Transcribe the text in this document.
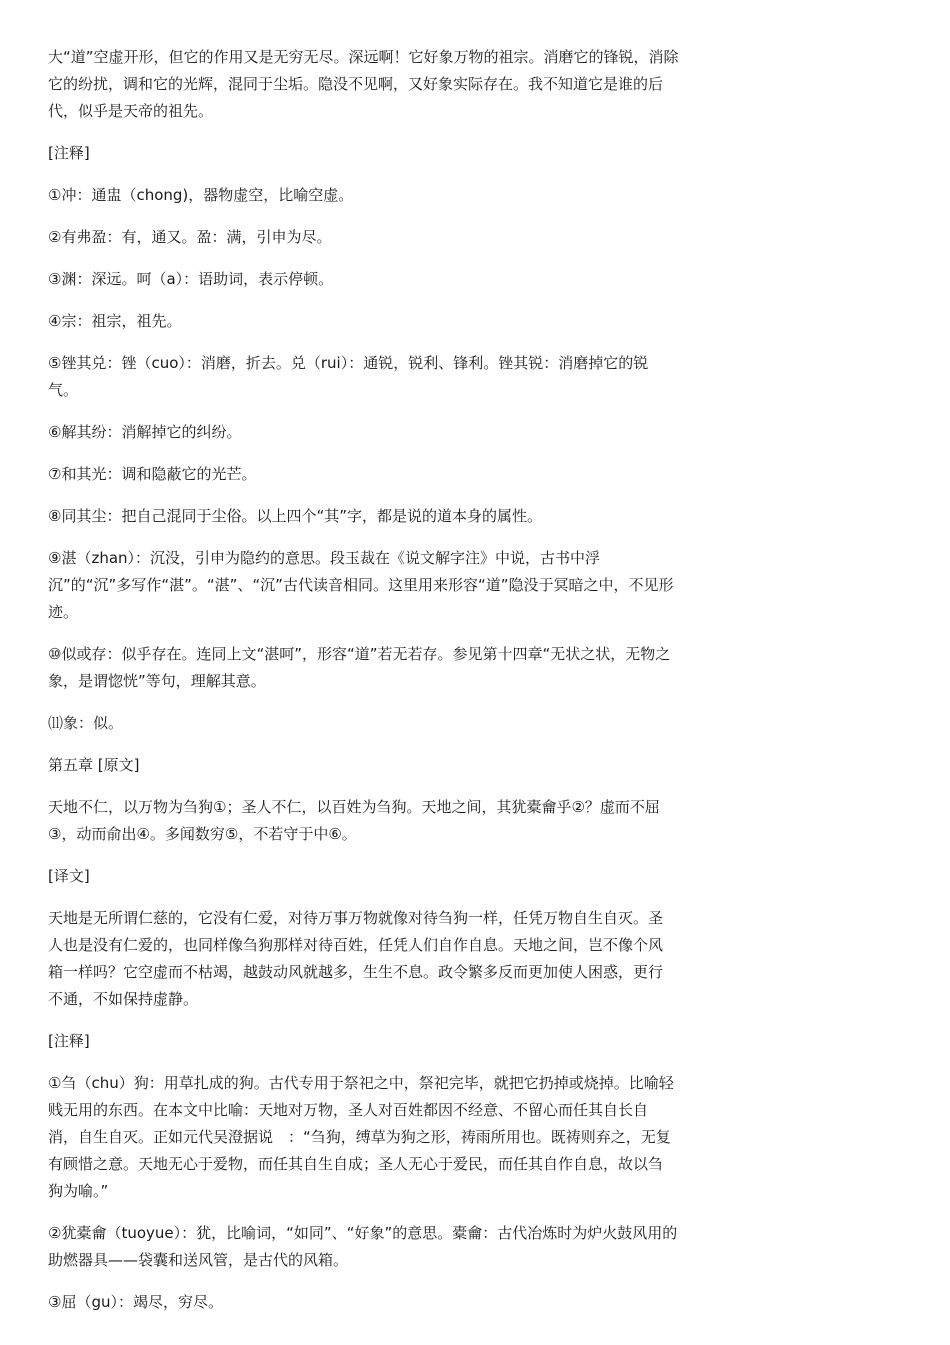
大“道”空虚开形，但它的作用又是无穷无尽。深远啊！它好象万物的祖宗。消磨它的锋锐，消除
它的纷扰，调和它的光辉，混同于尘垢。隐没不见啊，又好象实际存在。我不知道它是谁的后
代，似乎是天帝的祖先。

[注释]

①冲：通盅（chong)，器物虚空，比喻空虚。

②有弗盈：有，通又。盈：满，引申为尽。

③渊：深远。呵（a）：语助词，表示停顿。

④宗：祖宗，祖先。

⑤锉其兑：锉（cuo）：消磨，折去。兑（rui）：通锐，锐利、锋利。锉其锐：消磨掉它的锐
气。

⑥解其纷：消解掉它的纠纷。

⑦和其光：调和隐蔽它的光芒。

⑧同其尘：把自己混同于尘俗。以上四个“其”字，都是说的道本身的属性。

⑨湛（zhan）：沉没，引申为隐约的意思。段玉裁在《说文解字注》中说，古书中浮
沉”的“沉”多写作“湛”。“湛”、“沉”古代读音相同。这里用来形容“道”隐没于冥暗之中，不见形迹。

⑩似或存：似乎存在。连同上文“湛呵”，形容“道”若无若存。参见第十四章“无状之状，无物之
象，是谓惚恍”等句，理解其意。

⑾象：似。

第五章 [原文]

天地不仁，以万物为刍狗①；圣人不仁，以百姓为刍狗。天地之间，其犹橐龠乎②？虚而不屈
③，动而俞出④。多闻数穷⑤，不若守于中⑥。

[译文]

天地是无所谓仁慈的，它没有仁爱，对待万事万物就像对待刍狗一样，任凭万物自生自灭。圣
人也是没有仁爱的，也同样像刍狗那样对待百姓，任凭人们自作自息。天地之间，岂不像个风
箱一样吗？它空虚而不枯竭，越鼓动风就越多，生生不息。政令繁多反而更加使人困惑，更行
不通，不如保持虚静。

[注释]

①刍（chu）狗：用草扎成的狗。古代专用于祭祀之中，祭祀完毕，就把它扔掉或烧掉。比喻轻
贱无用的东西。在本文中比喻：天地对万物，圣人对百姓都因不经意、不留心而任其自长自
消，自生自灭。正如元代吴澄据说　：“刍狗，缚草为狗之形，祷雨所用也。既祷则弃之，无复
有顾惜之意。天地无心于爱物，而任其自生自成；圣人无心于爱民，而任其自作自息，故以刍
狗为喻。”

②犹橐龠（tuoyue）：犹，比喻词，“如同”、“好象”的意思。橐龠：古代冶炼时为炉火鼓风用的
助燃器具——袋囊和送风管，是古代的风箱。

③屈（gu）：竭尽，穷尽。
